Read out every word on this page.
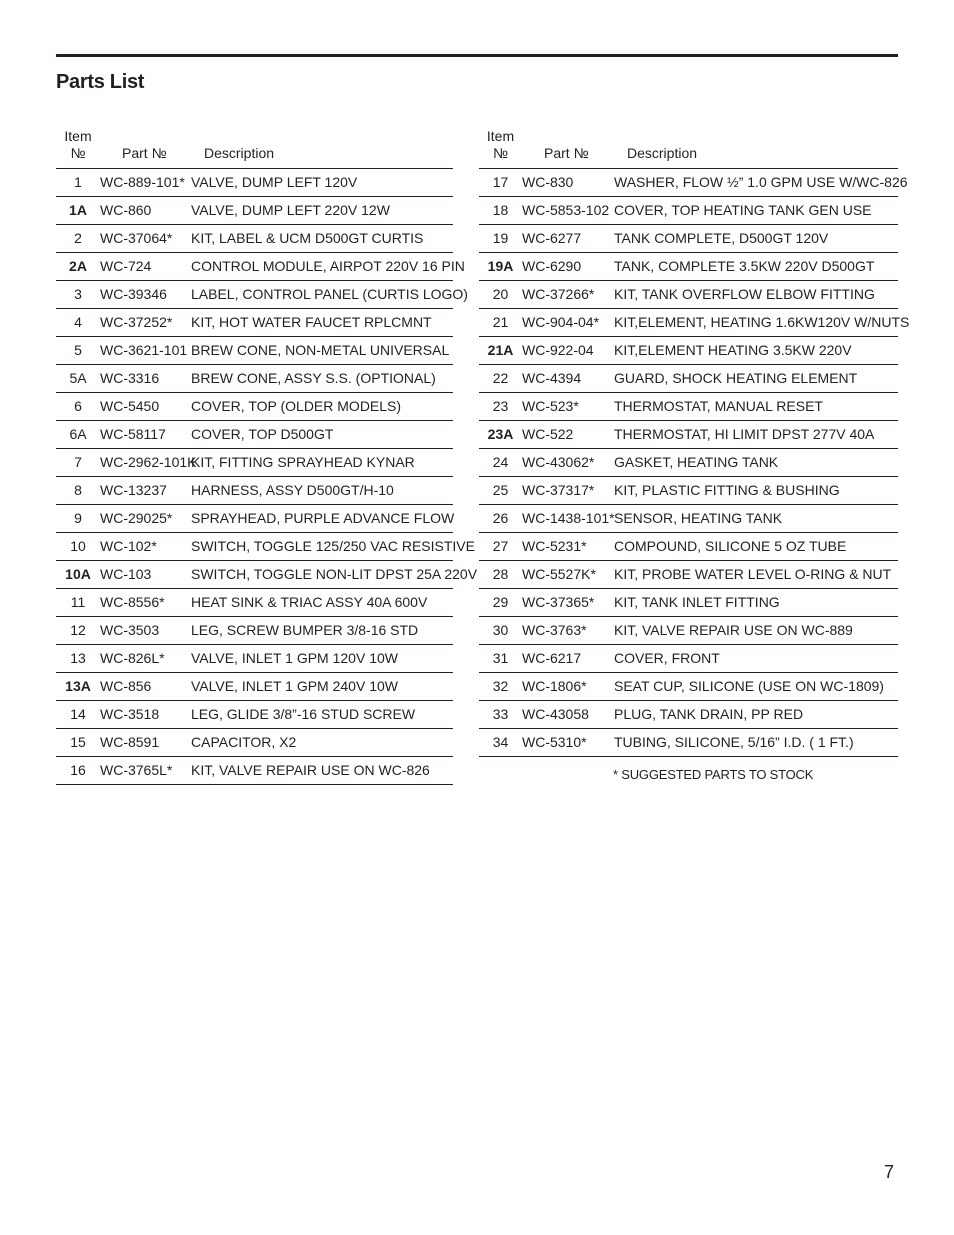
Parts List
Item
№	Part №	Description
1	WC-889-101*	VALVE, DUMP LEFT 120V
1A	WC-860	VALVE, DUMP LEFT 220V 12W
2	WC-37064*	KIT, LABEL & UCM D500GT CURTIS
2A	WC-724	CONTROL MODULE, AIRPOT 220V 16 PIN
3	WC-39346	LABEL, CONTROL PANEL (CURTIS LOGO)
4	WC-37252*	KIT, HOT WATER FAUCET RPLCMNT
5	WC-3621-101	BREW CONE, NON-METAL UNIVERSAL
5A	WC-3316	BREW CONE, ASSY S.S. (OPTIONAL)
6	WC-5450	COVER, TOP (OLDER MODELS)
6A	WC-58117	COVER, TOP D500GT
7	WC-2962-101K	KIT, FITTING SPRAYHEAD KYNAR
8	WC-13237	HARNESS, ASSY D500GT/H-10
9	WC-29025*	SPRAYHEAD, PURPLE ADVANCE FLOW
10	WC-102*	SWITCH, TOGGLE 125/250 VAC RESISTIVE
10A	WC-103	SWITCH, TOGGLE NON-LIT DPST 25A 220V
11	WC-8556*	HEAT SINK & TRIAC ASSY 40A 600V
12	WC-3503	LEG, SCREW BUMPER 3/8-16 STD
13	WC-826L*	VALVE, INLET 1 GPM 120V 10W
13A	WC-856	VALVE, INLET 1 GPM 240V 10W
14	WC-3518	LEG, GLIDE 3/8”-16 STUD SCREW
15	WC-8591	CAPACITOR, X2
16	WC-3765L*	KIT, VALVE REPAIR USE ON WC-826
Item
№	Part №	Description
17	WC-830	WASHER, FLOW ½” 1.0 GPM USE W/WC-826
18	WC-5853-102	COVER, TOP HEATING TANK GEN USE
19	WC-6277	TANK COMPLETE, D500GT 120V
19A	WC-6290	TANK, COMPLETE 3.5KW 220V D500GT
20	WC-37266*	KIT, TANK OVERFLOW ELBOW FITTING
21	WC-904-04*	KIT,ELEMENT, HEATING 1.6KW120V W/NUTS
21A	WC-922-04	KIT,ELEMENT HEATING 3.5KW 220V
22	WC-4394	GUARD, SHOCK HEATING ELEMENT
23	WC-523*	THERMOSTAT, MANUAL RESET
23A	WC-522	THERMOSTAT, HI LIMIT DPST 277V 40A
24	WC-43062*	GASKET, HEATING TANK
25	WC-37317*	KIT, PLASTIC FITTING & BUSHING
26	WC-1438-101*	SENSOR, HEATING TANK
27	WC-5231*	COMPOUND, SILICONE 5 OZ TUBE
28	WC-5527K*	KIT, PROBE WATER LEVEL O-RING & NUT
29	WC-37365*	KIT, TANK INLET FITTING
30	WC-3763*	KIT, VALVE REPAIR USE ON WC-889
31	WC-6217	COVER, FRONT
32	WC-1806*	SEAT CUP, SILICONE (USE ON WC-1809)
33	WC-43058	PLUG, TANK DRAIN, PP RED
34	WC-5310*	TUBING, SILICONE, 5/16” I.D. ( 1 FT.)
* SUGGESTED PARTS TO STOCK
7
